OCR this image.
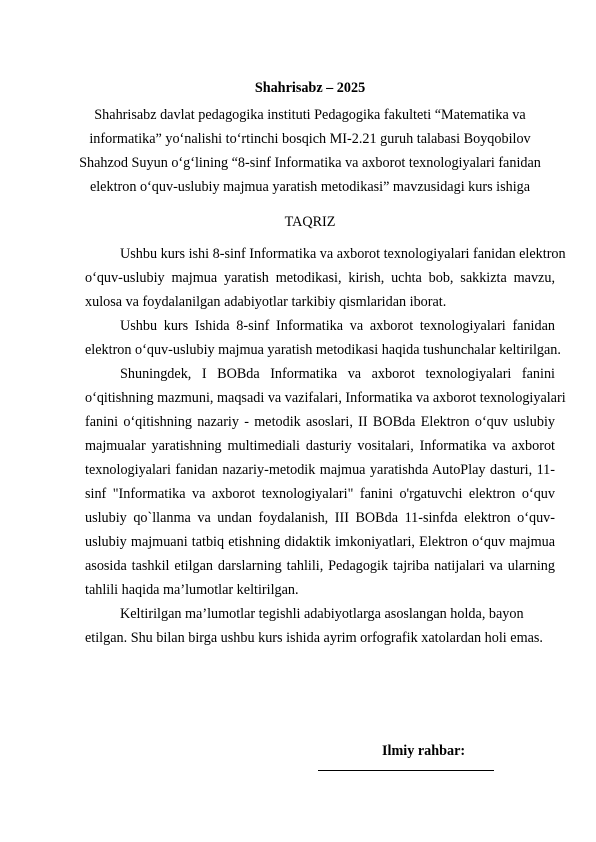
Shahrisabz – 2025
Shahrisabz davlat pedagogika instituti Pedagogika fakulteti “Matematika va
informatika” yo‘nalishi to‘rtinchi bosqich MI-2.21 guruh talabasi Boyqobilov
Shahzod Suyun o‘g‘lining “8-sinf Informatika va axborot texnologiyalari fanidan
elektron o‘quv-uslubiy majmua yaratish metodikasi” mavzusidagi kurs ishiga
TAQRIZ
Ushbu kurs ishi 8-sinf Informatika va axborot texnologiyalari fanidan elektron
o‘quv-uslubiy majmua yaratish metodikasi, kirish, uchta bob, sakkizta mavzu,
xulosa va foydalanilgan adabiyotlar tarkibiy qismlaridan iborat.
Ushbu kurs Ishida 8-sinf Informatika va axborot texnologiyalari fanidan
elektron o‘quv-uslubiy majmua yaratish metodikasi haqida tushunchalar keltirilgan.
Shuningdek, I BOBda Informatika va axborot texnologiyalari fanini
o‘qitishning mazmuni, maqsadi va vazifalari, Informatika va axborot texnologiyalari
fanini o‘qitishning nazariy - metodik asoslari, II BOBda Elektron o‘quv uslubiy
majmualar yaratishning multimediali dasturiy vositalari, Informatika va axborot
texnologiyalari fanidan nazariy-metodik majmua yaratishda AutoPlay dasturi, 11-
sinf "Informatika va axborot texnologiyalari" fanini o'rgatuvchi elektron o‘quv
uslubiy qo`llanma va undan foydalanish, III BOBda 11-sinfda elektron o‘quv-
uslubiy majmuani tatbiq etishning didaktik imkoniyatlari, Elektron o‘quv majmua
asosida tashkil etilgan darslarning tahlili, Pedagogik tajriba natijalari va ularning
tahlili haqida ma’lumotlar keltirilgan.
Keltirilgan ma’lumotlar tegishli adabiyotlarga asoslangan holda, bayon
etilgan. Shu bilan birga ushbu kurs ishida ayrim orfografik xatolardan holi emas.
Ilmiy rahbar:
